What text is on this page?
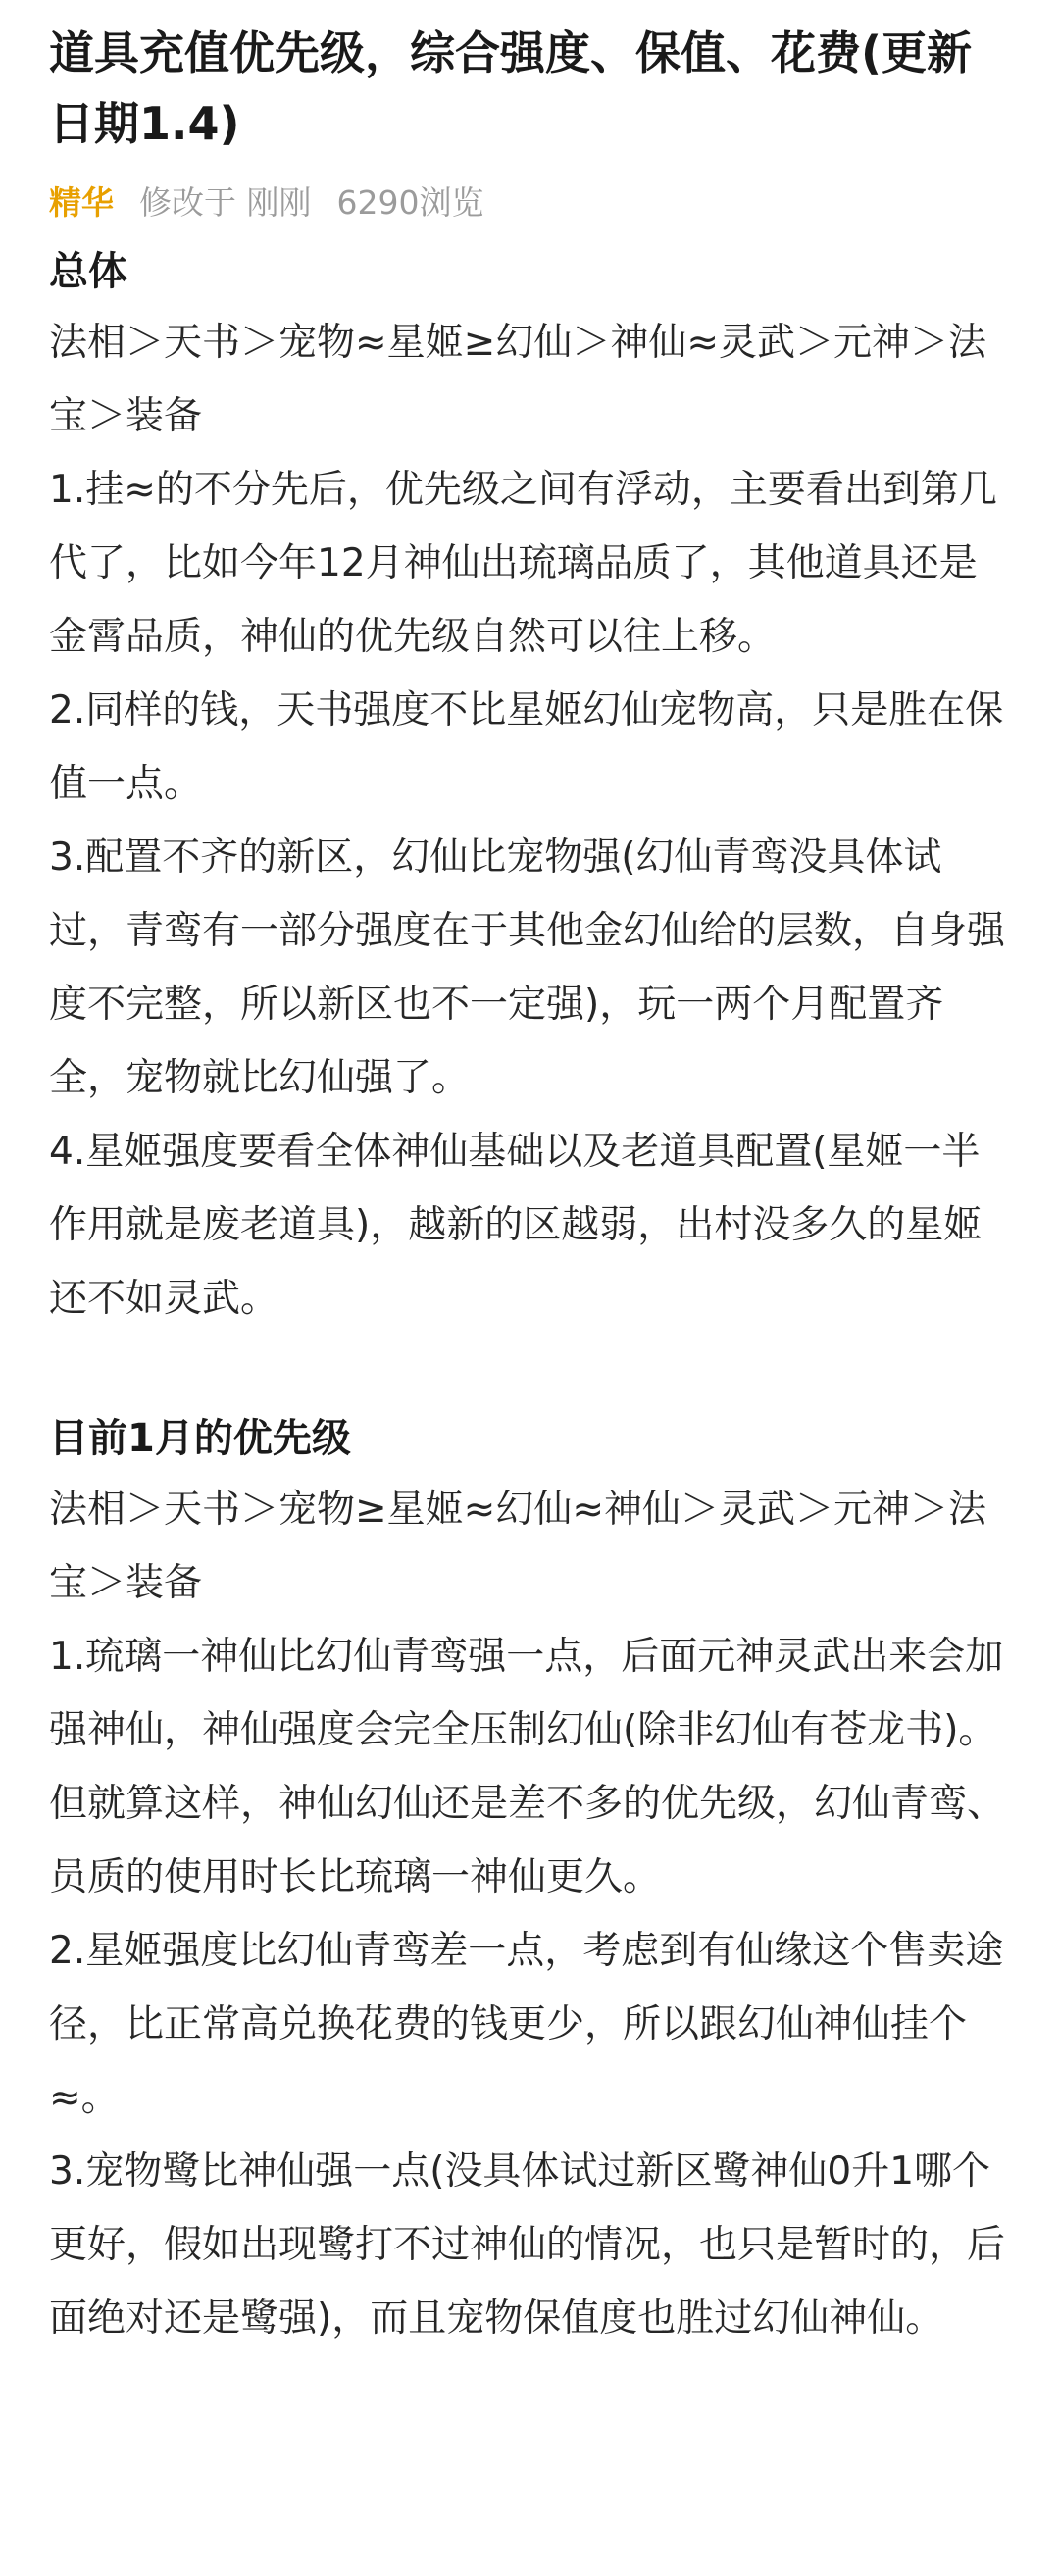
道具充值优先级，综合强度、保值、花费(更新日期1.4)
精华 修改于 刚刚 6290浏览
总体

法相＞天书＞宠物≈星姬≥幻仙＞神仙≈灵武＞元神＞法宝＞装备

1.挂≈的不分先后，优先级之间有浮动，主要看出到第几代了，比如今年12月神仙出琉璃品质了，其他道具还是金霄品质，神仙的优先级自然可以往上移。

2.同样的钱，天书强度不比星姬幻仙宠物高，只是胜在保值一点。

3.配置不齐的新区，幻仙比宠物强(幻仙青鸾没具体试过，青鸾有一部分强度在于其他金幻仙给的层数，自身强度不完整，所以新区也不一定强)，玩一两个月配置齐全，宠物就比幻仙强了。

4.星姬强度要看全体神仙基础以及老道具配置(星姬一半作用就是废老道具)，越新的区越弱，出村没多久的星姬还不如灵武。

目前1月的优先级

法相＞天书＞宠物≥星姬≈幻仙≈神仙＞灵武＞元神＞法宝＞装备

1.琉璃一神仙比幻仙青鸾强一点，后面元神灵武出来会加强神仙，神仙强度会完全压制幻仙(除非幻仙有苍龙书)。

但就算这样，神仙幻仙还是差不多的优先级，幻仙青鸾、员质的使用时长比琉璃一神仙更久。

2.星姬强度比幻仙青鸾差一点，考虑到有仙缘这个售卖途径，比正常高兑换花费的钱更少，所以跟幻仙神仙挂个≈。

3.宠物鹭比神仙强一点(没具体试过新区鹭神仙0升1哪个更好，假如出现鹭打不过神仙的情况，也只是暂时的，后面绝对还是鹭强)，而且宠物保值度也胜过幻仙神仙。
